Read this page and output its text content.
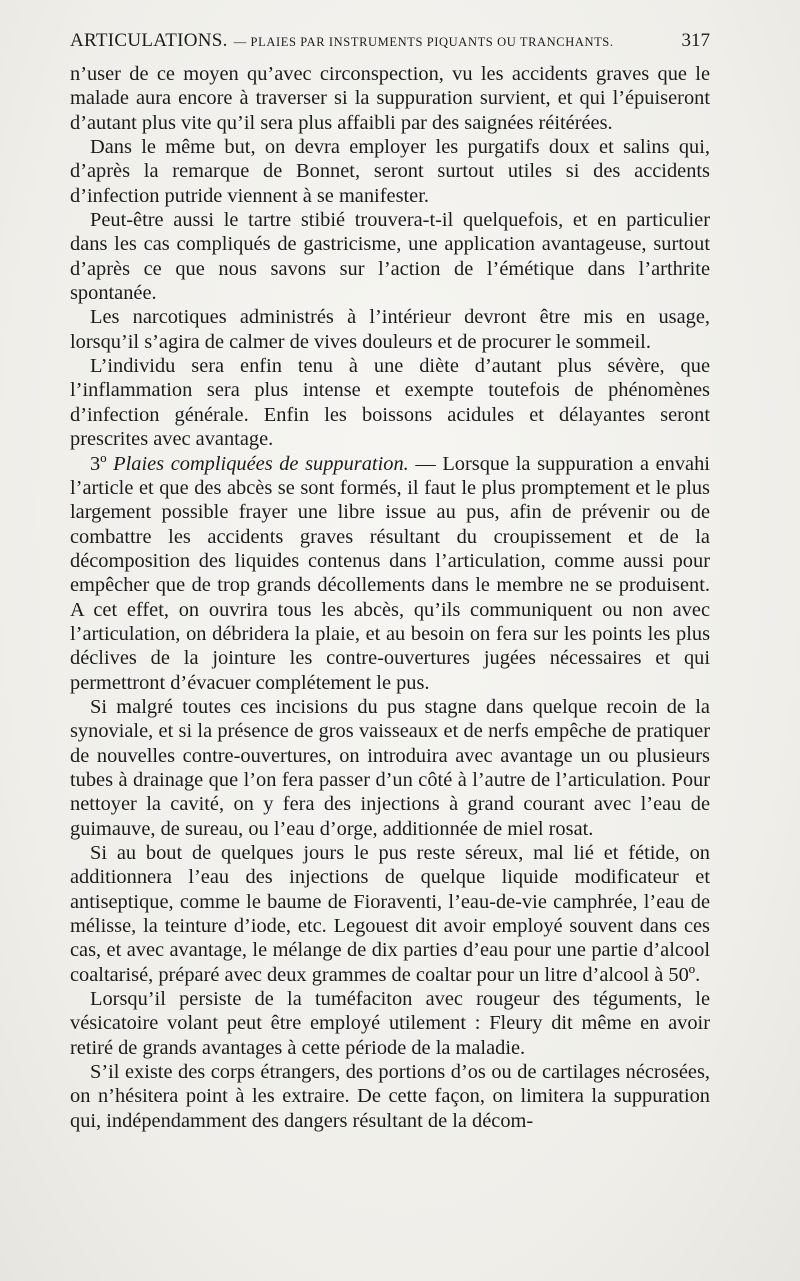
ARTICULATIONS. — PLAIES PAR INSTRUMENTS PIQUANTS OU TRANCHANTS.	317

n’user de ce moyen qu’avec circonspection, vu les accidents graves que le malade aura encore à traverser si la suppuration survient, et qui l’épuiseront d’autant plus vite qu’il sera plus affaibli par des saignées réitérées.

Dans le même but, on devra employer les purgatifs doux et salins qui, d’après la remarque de Bonnet, seront surtout utiles si des accidents d’infection putride viennent à se manifester.

Peut-être aussi le tartre stibié trouvera-t-il quelquefois, et en particulier dans les cas compliqués de gastricisme, une application avantageuse, surtout d’après ce que nous savons sur l’action de l’émétique dans l’arthrite spontanée.

Les narcotiques administrés à l’intérieur devront être mis en usage, lorsqu’il s’agira de calmer de vives douleurs et de procurer le sommeil.

L’individu sera enfin tenu à une diète d’autant plus sévère, que l’inflammation sera plus intense et exempte toutefois de phénomènes d’infection générale. Enfin les boissons acidules et délayantes seront prescrites avec avantage.

3º Plaies compliquées de suppuration. — Lorsque la suppuration a envahi l’article et que des abcès se sont formés, il faut le plus promptement et le plus largement possible frayer une libre issue au pus, afin de prévenir ou de combattre les accidents graves résultant du croupissement et de la décomposition des liquides contenus dans l’articulation, comme aussi pour empêcher que de trop grands décollements dans le membre ne se produisent. A cet effet, on ouvrira tous les abcès, qu’ils communiquent ou non avec l’articulation, on débridera la plaie, et au besoin on fera sur les points les plus déclives de la jointure les contre-ouvertures jugées nécessaires et qui permettront d’évacuer complétement le pus.

Si malgré toutes ces incisions du pus stagne dans quelque recoin de la synoviale, et si la présence de gros vaisseaux et de nerfs empêche de pratiquer de nouvelles contre-ouvertures, on introduira avec avantage un ou plusieurs tubes à drainage que l’on fera passer d’un côté à l’autre de l’articulation. Pour nettoyer la cavité, on y fera des injections à grand courant avec l’eau de guimauve, de sureau, ou l’eau d’orge, additionnée de miel rosat.

Si au bout de quelques jours le pus reste séreux, mal lié et fétide, on additionnera l’eau des injections de quelque liquide modificateur et antiseptique, comme le baume de Fioraventi, l’eau-de-vie camphrée, l’eau de mélisse, la teinture d’iode, etc. Legouest dit avoir employé souvent dans ces cas, et avec avantage, le mélange de dix parties d’eau pour une partie d’alcool coaltarisé, préparé avec deux grammes de coaltar pour un litre d’alcool à 50º.

Lorsqu’il persiste de la tuméfaciton avec rougeur des téguments, le vésicatoire volant peut être employé utilement : Fleury dit même en avoir retiré de grands avantages à cette période de la maladie.

S’il existe des corps étrangers, des portions d’os ou de cartilages nécrosées, on n’hésitera point à les extraire. De cette façon, on limitera la suppuration qui, indépendamment des dangers résultant de la décom-
